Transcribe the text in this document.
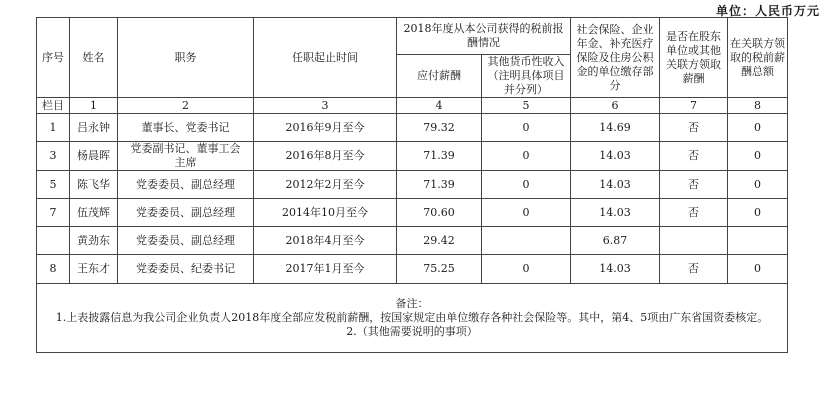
单位：人民币万元
序号	姓名	职务	任职起止时间	2018年度从本公司获得的税前报酬情况		社会保险、企业年金、补充医疗保险及住房公积金的单位缴存部分	是否在股东单位或其他关联方领取薪酬	在关联方领取的税前薪酬总额
				应付薪酬	其他货币性收入（注明具体项目并分列）			
栏目	1	2	3	4	5	6	7	8
1	吕永钟	董事长、党委书记	2016年9月至今	79.32	0	14.69	否	0
3	杨晨晖	党委副书记、董事工会主席	2016年8月至今	71.39	0	14.03	否	0
5	陈飞华	党委委员、副总经理	2012年2月至今	71.39	0	14.03	否	0
7	伍茂辉	党委委员、副总经理	2014年10月至今	70.60	0	14.03	否	0
	黄劲东	党委委员、副总经理	2018年4月至今	29.42		6.87		
8	王东才	党委委员、纪委书记	2017年1月至今	75.25	0	14.03	否	0

备注：
1.上表披露信息为我公司企业负责人2018年度全部应发税前薪酬，按国家规定由单位缴存各种社会保险等。其中，第4、5项由广东省国资委核定。
2.（其他需要说明的事项）								
